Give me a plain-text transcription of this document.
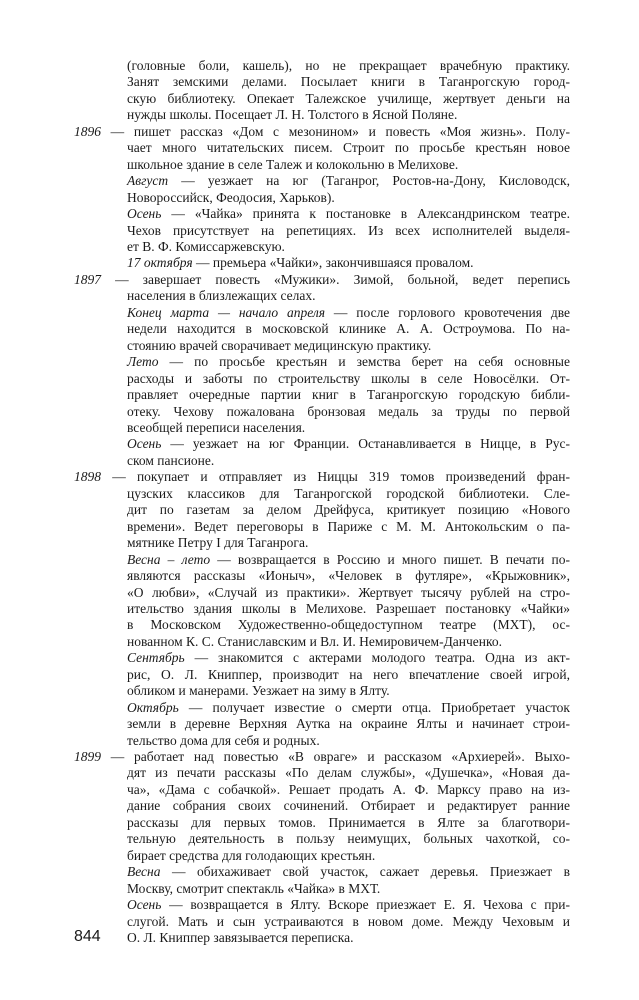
(головные боли, кашель), но не прекращает врачебную практику.
Занят земскими делами. Посылает книги в Таганрогскую город-
скую библиотеку. Опекает Талежское училище, жертвует деньги на
нужды школы. Посещает Л. Н. Толстого в Ясной Поляне.
1896 — пишет рассказ «Дом с мезонином» и повесть «Моя жизнь». Полу-
чает много читательских писем. Строит по просьбе крестьян новое
школьное здание в селе Талеж и колокольню в Мелихове.
Август — уезжает на юг (Таганрог, Ростов-на-Дону, Кисловодск,
Новороссийск, Феодосия, Харьков).
Осень — «Чайка» принята к постановке в Александринском театре.
Чехов присутствует на репетициях. Из всех исполнителей выделя-
ет В. Ф. Комиссаржевскую.
17 октября — премьера «Чайки», закончившаяся провалом.
1897 — завершает повесть «Мужики». Зимой, больной, ведет перепись
населения в близлежащих селах.
Конец марта — начало апреля — после горлового кровотечения две
недели находится в московской клинике А. А. Остроумова. По на-
стоянию врачей сворачивает медицинскую практику.
Лето — по просьбе крестьян и земства берет на себя основные
расходы и заботы по строительству школы в селе Новосёлки. От-
правляет очередные партии книг в Таганрогскую городскую библи-
отеку. Чехову пожалована бронзовая медаль за труды по первой
всеобщей переписи населения.
Осень — уезжает на юг Франции. Останавливается в Ницце, в Рус-
ском пансионе.
1898 — покупает и отправляет из Ниццы 319 томов произведений фран-
цузских классиков для Таганрогской городской библиотеки. Сле-
дит по газетам за делом Дрейфуса, критикует позицию «Нового
времени». Ведет переговоры в Париже с М. М. Антокольским о па-
мятнике Петру I для Таганрога.
Весна – лето — возвращается в Россию и много пишет. В печати по-
являются рассказы «Ионыч», «Человек в футляре», «Крыжовник»,
«О любви», «Случай из практики». Жертвует тысячу рублей на стро-
ительство здания школы в Мелихове. Разрешает постановку «Чайки»
в Московском Художественно-общедоступном театре (МХТ), ос-
нованном К. С. Станиславским и Вл. И. Немировичем-Данченко.
Сентябрь — знакомится с актерами молодого театра. Одна из акт-
рис, О. Л. Книппер, производит на него впечатление своей игрой,
обликом и манерами. Уезжает на зиму в Ялту.
Октябрь — получает известие о смерти отца. Приобретает участок
земли в деревне Верхняя Аутка на окраине Ялты и начинает строи-
тельство дома для себя и родных.
1899 — работает над повестью «В овраге» и рассказом «Архиерей». Выхо-
дят из печати рассказы «По делам службы», «Душечка», «Новая да-
ча», «Дама с собачкой». Решает продать А. Ф. Марксу право на из-
дание собрания своих сочинений. Отбирает и редактирует ранние
рассказы для первых томов. Принимается в Ялте за благотвори-
тельную деятельность в пользу неимущих, больных чахоткой, со-
бирает средства для голодающих крестьян.
Весна — обихаживает свой участок, сажает деревья. Приезжает в
Москву, смотрит спектакль «Чайка» в МХТ.
Осень — возвращается в Ялту. Вскоре приезжает Е. Я. Чехова с при-
слугой. Мать и сын устраиваются в новом доме. Между Чеховым и
О. Л. Книппер завязывается переписка.
844
